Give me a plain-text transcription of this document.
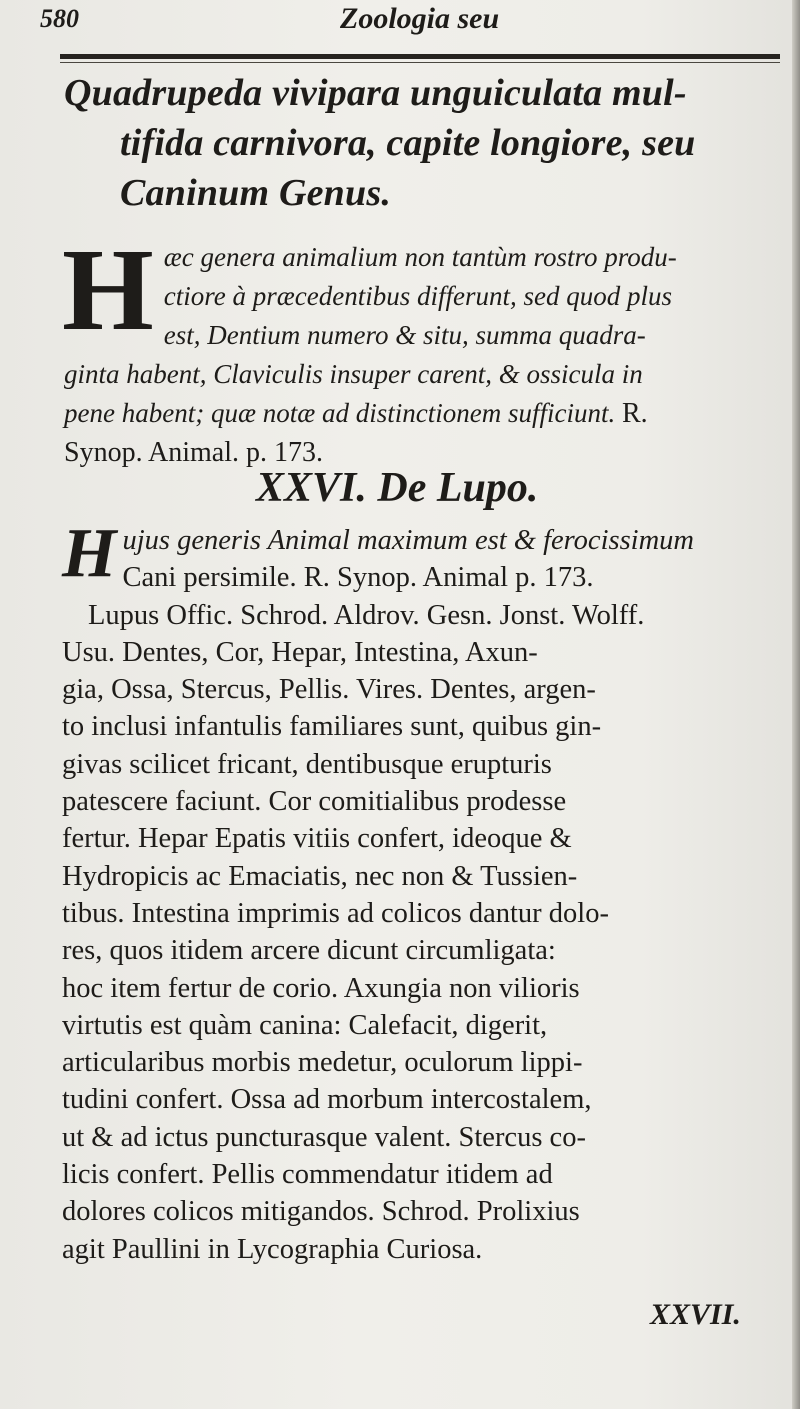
580	Zoologia seu
Quadrupeda vivipara unguiculata mul-
tifida carnivora, capite longiore, seu
Caninum Genus.
H æc genera animalium non tantùm rostro produ-
ctiore à præcedentibus differunt, sed quod plus
est, Dentium numero & situ, summa quadra-
ginta habent, Claviculis insuper carent, & ossicula in
pene habent; quæ notæ ad distinctionem sufficiunt. R.
Synop. Animal. p. 173.
XXVI. De Lupo.
H ujus generis Animal maximum est & ferocissimum
Cani persimile. R. Synop. Animal p. 173.
Lupus Offic. Schrod. Aldrov. Gesn. Jonst. Wolff.
Usu. Dentes, Cor, Hepar, Intestina, Axun-
gia, Ossa, Stercus, Pellis. Vires. Dentes, argen-
to inclusi infantulis familiares sunt, quibus gin-
givas scilicet fricant, dentibusque erupturis
patescere faciunt. Cor comitialibus prodesse
fertur. Hepar Epatis vitiis confert, ideoque &
Hydropicis ac Emaciatis, nec non & Tussien-
tibus. Intestina imprimis ad colicos dantur dolo-
res, quos itidem arcere dicunt circumligata:
hoc item fertur de corio. Axungia non vilioris
virtutis est quàm canina: Calefacit, digerit,
articularibus morbis medetur, oculorum lippi-
tudini confert. Ossa ad morbum intercostalem,
ut & ad ictus puncturasque valent. Stercus co-
licis confert. Pellis commendatur itidem ad
dolores colicos mitigandos. Schrod. Prolixius
agit Paullini in Lycographia Curiosa.
XXVII.
